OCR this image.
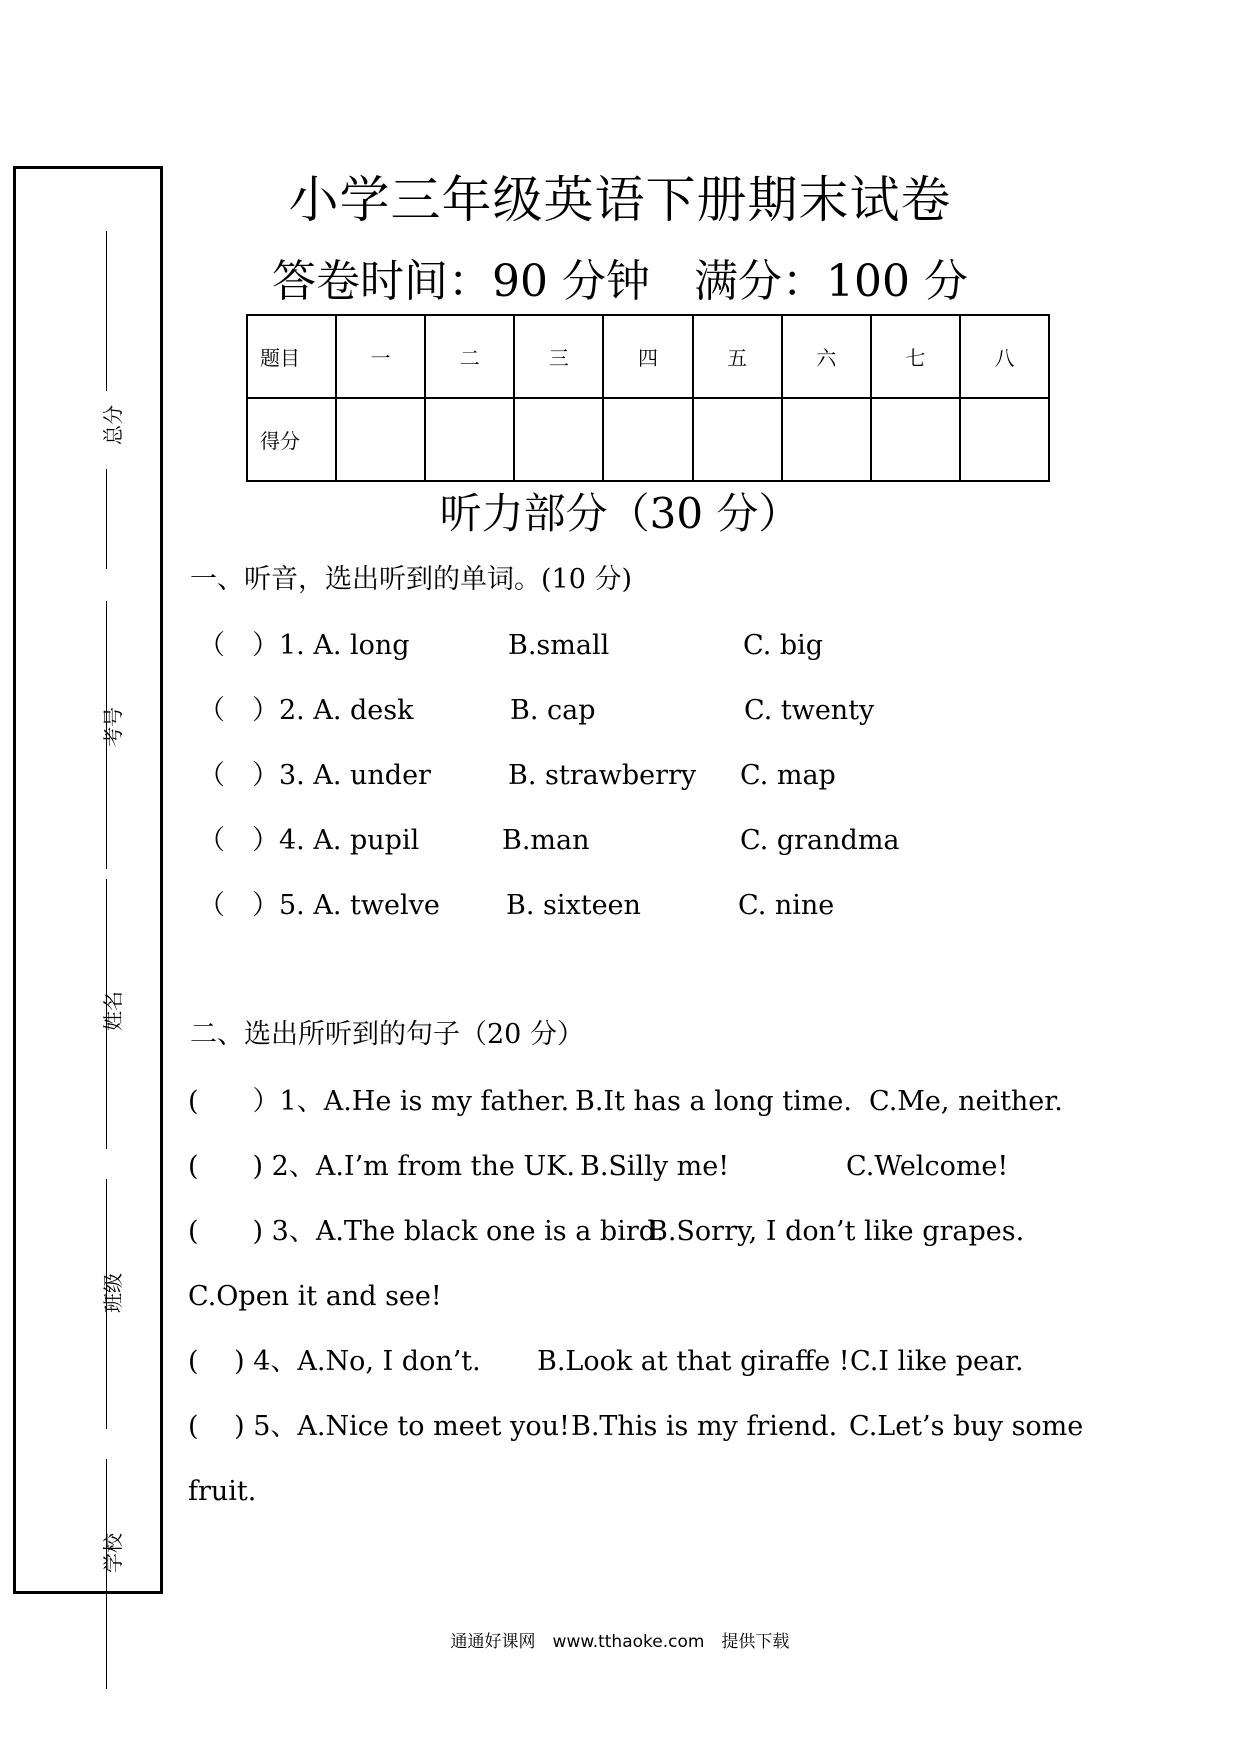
总分
考号
姓名
班级
学校
小学三年级英语下册期末试卷
答卷时间：90 分钟　满分：100 分
题目	一	二	三	四	五	六	七	八
得分								
听力部分（30 分）
一、听音，选出听到的单词。(10 分)
（　）1. A. long	B.small	C. big
（　）2. A. desk	B. cap	C. twenty
（　）3. A. under	B. strawberry C. map
（　）4. A. pupil	B.man	C. grandma
（　）5. A. twelve B. sixteen	C. nine
二、选出所听到的句子（20 分）
(　　）1、A.He is my father. B.It has a long time. C.Me, neither.
(　　) 2、A.I’m from the UK. B.Silly me!	C.Welcome!
(　　) 3、A.The black one is a bird.
B.Sorry, I don’t like grapes.
C.Open it and see!
(　 ) 4、A.No, I don’t. B.Look at that giraffe ! C.I like pear.
(　 ) 5、A.Nice to meet you! B.This is my friend. C.Let’s buy some
fruit.
通通好课网　www.tthaoke.com　提供下载
